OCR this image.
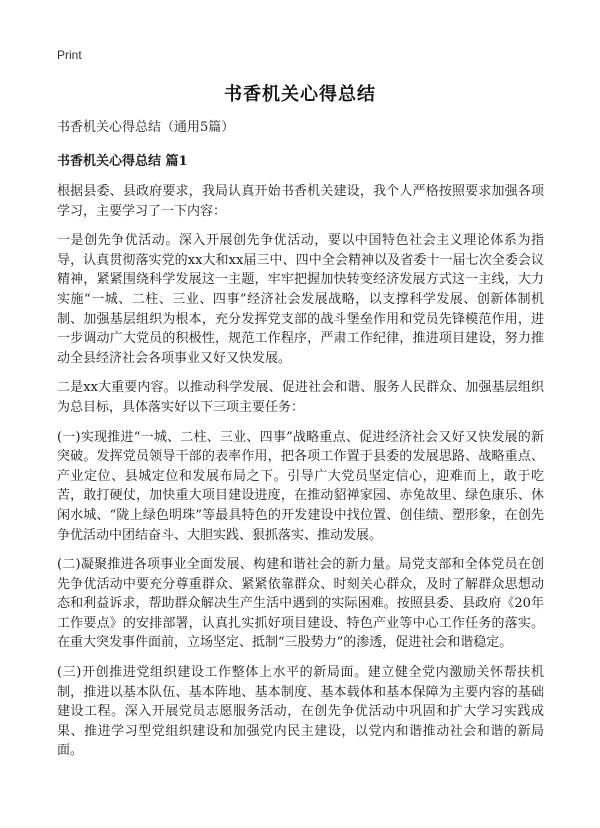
Print
书香机关心得总结

书香机关心得总结（通用5篇）

书香机关心得总结 篇1

根据县委、县政府要求，我局认真开始书香机关建设，我个人严格按照要求加强各项学习，主要学习了一下内容：

一是创先争优活动。深入开展创先争优活动，要以中国特色社会主义理论体系为指导，认真贯彻落实党的xx大和xx届三中、四中全会精神以及省委十一届七次全委会议精神，紧紧围绕科学发展这一主题，牢牢把握加快转变经济发展方式这一主线，大力实施“一城、二柱、三业、四事”经济社会发展战略，以支撑科学发展、创新体制机制、加强基层组织为根本，充分发挥党支部的战斗堡垒作用和党员先锋模范作用，进一步调动广大党员的积极性，规范工作程序，严肃工作纪律，推进项目建设，努力推动全县经济社会各项事业又好又快发展。

二是xx大重要内容。以推动科学发展、促进社会和谐、服务人民群众、加强基层组织为总目标，具体落实好以下三项主要任务：

(一)实现推进“一城、二柱、三业、四事”战略重点、促进经济社会又好又快发展的新突破。发挥党员领导干部的表率作用，把各项工作置于县委的发展思路、战略重点、产业定位、县城定位和发展布局之下。引导广大党员坚定信心，迎难而上，敢于吃苦，敢打硬仗，加快重大项目建设进度，在推动貂禅家园、赤兔故里、绿色康乐、休闲水城、“陇上绿色明珠”等最具特色的开发建设中找位置、创佳绩、塑形象，在创先争优活动中团结奋斗、大胆实践、狠抓落实、推动发展。

(二)凝聚推进各项事业全面发展、构建和谐社会的新力量。局党支部和全体党员在创先争优活动中要充分尊重群众、紧紧依靠群众、时刻关心群众，及时了解群众思想动态和利益诉求，帮助群众解决生产生活中遇到的实际困难。按照县委、县政府《20年工作要点》的安排部署，认真扎实抓好项目建设、特色产业等中心工作任务的落实。在重大突发事件面前，立场坚定、抵制“三股势力”的渗透，促进社会和谐稳定。

(三)开创推进党组织建设工作整体上水平的新局面。建立健全党内激励关怀帮扶机制，推进以基本队伍、基本阵地、基本制度、基本载体和基本保障为主要内容的基础建设工程。深入开展党员志愿服务活动，在创先争优活动中巩固和扩大学习实践成果、推进学习型党组织建设和加强党内民主建设，以党内和谐推动社会和谐的新局面。
